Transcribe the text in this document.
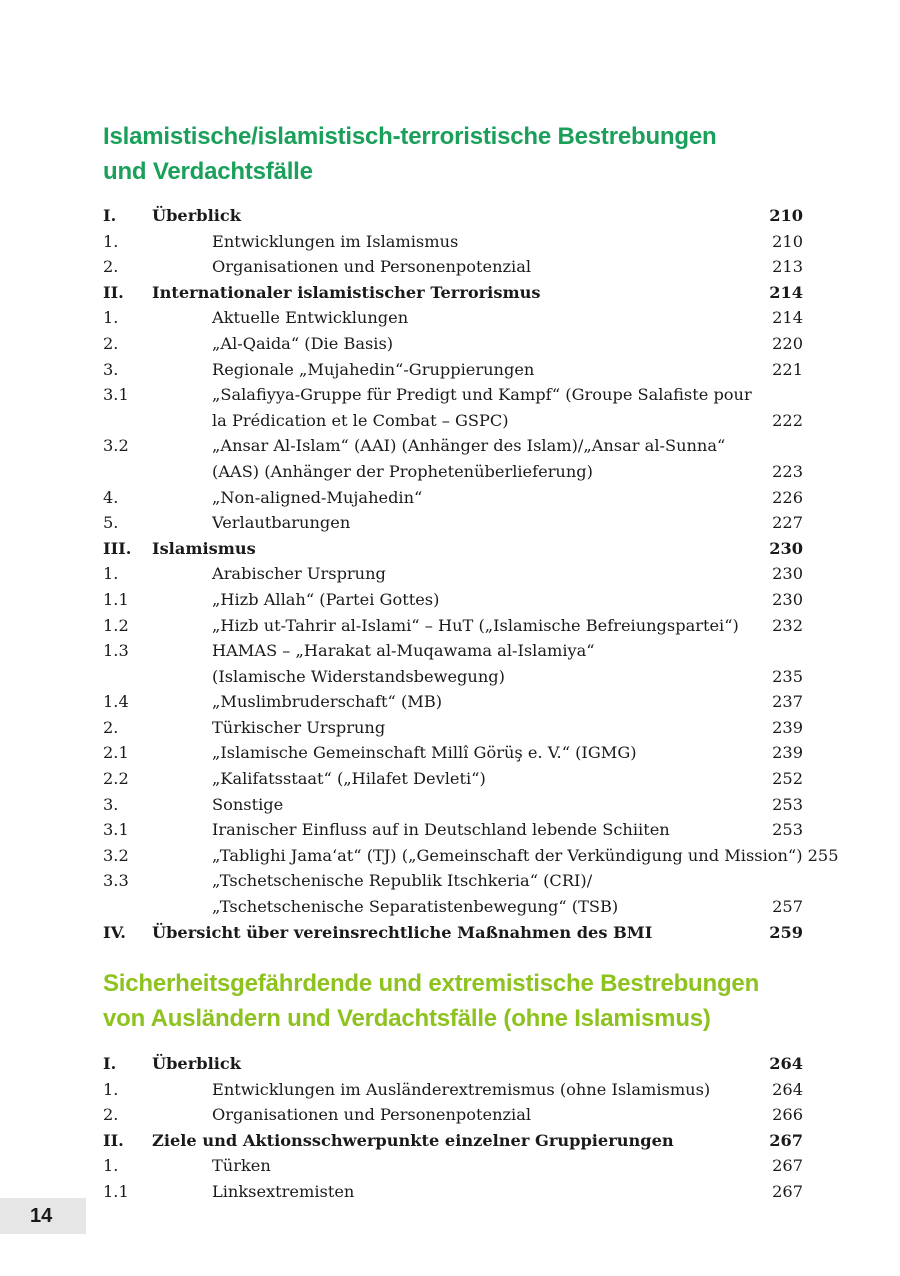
Islamistische/islamistisch-terroristische Bestrebungen
und Verdachtsfälle
I.	Überblick	210
1.	Entwicklungen im Islamismus	210
2.	Organisationen und Personenpotenzial	213
II.	Internationaler islamistischer Terrorismus	214
1.	Aktuelle Entwicklungen	214
2.	„Al-Qaida“ (Die Basis)	220
3.	Regionale „Mujahedin“-Gruppierungen	221
3.1	„Salafiyya-Gruppe für Predigt und Kampf“ (Groupe Salafiste pour
la Prédication et le Combat – GSPC)	222
3.2	„Ansar Al-Islam“ (AAI) (Anhänger des Islam)/„Ansar al-Sunna“
(AAS) (Anhänger der Prophetenüberlieferung)	223
4.	„Non-aligned-Mujahedin“	226
5.	Verlautbarungen	227
III.	Islamismus	230
1.	Arabischer Ursprung	230
1.1	„Hizb Allah“ (Partei Gottes)	230
1.2	„Hizb ut-Tahrir al-Islami“ – HuT („Islamische Befreiungspartei“)	232
1.3	HAMAS – „Harakat al-Muqawama al-Islamiya“
(Islamische Widerstandsbewegung)	235
1.4	„Muslimbruderschaft“ (MB)	237
2.	Türkischer Ursprung	239
2.1	„Islamische Gemeinschaft Millî Görüş e. V.“ (IGMG)	239
2.2	„Kalifatsstaat“ („Hilafet Devleti“)	252
3.	Sonstige	253
3.1	Iranischer Einfluss auf in Deutschland lebende Schiiten	253
3.2	„Tablighi Jama‘at“ (TJ) („Gemeinschaft der Verkündigung und Mission“) 255
3.3	„Tschetschenische Republik Itschkeria“ (CRI)/
„Tschetschenische Separatistenbewegung“ (TSB)	257
IV.	Übersicht über vereinsrechtliche Maßnahmen des BMI	259
Sicherheitsgefährdende und extremistische Bestrebungen
von Ausländern und Verdachtsfälle (ohne Islamismus)
I.	Überblick	264
1.	Entwicklungen im Ausländerextremismus (ohne Islamismus)	264
2.	Organisationen und Personenpotenzial	266
II.	Ziele und Aktionsschwerpunkte einzelner Gruppierungen	267
1.	Türken	267
1.1	Linksextremisten	267
14
